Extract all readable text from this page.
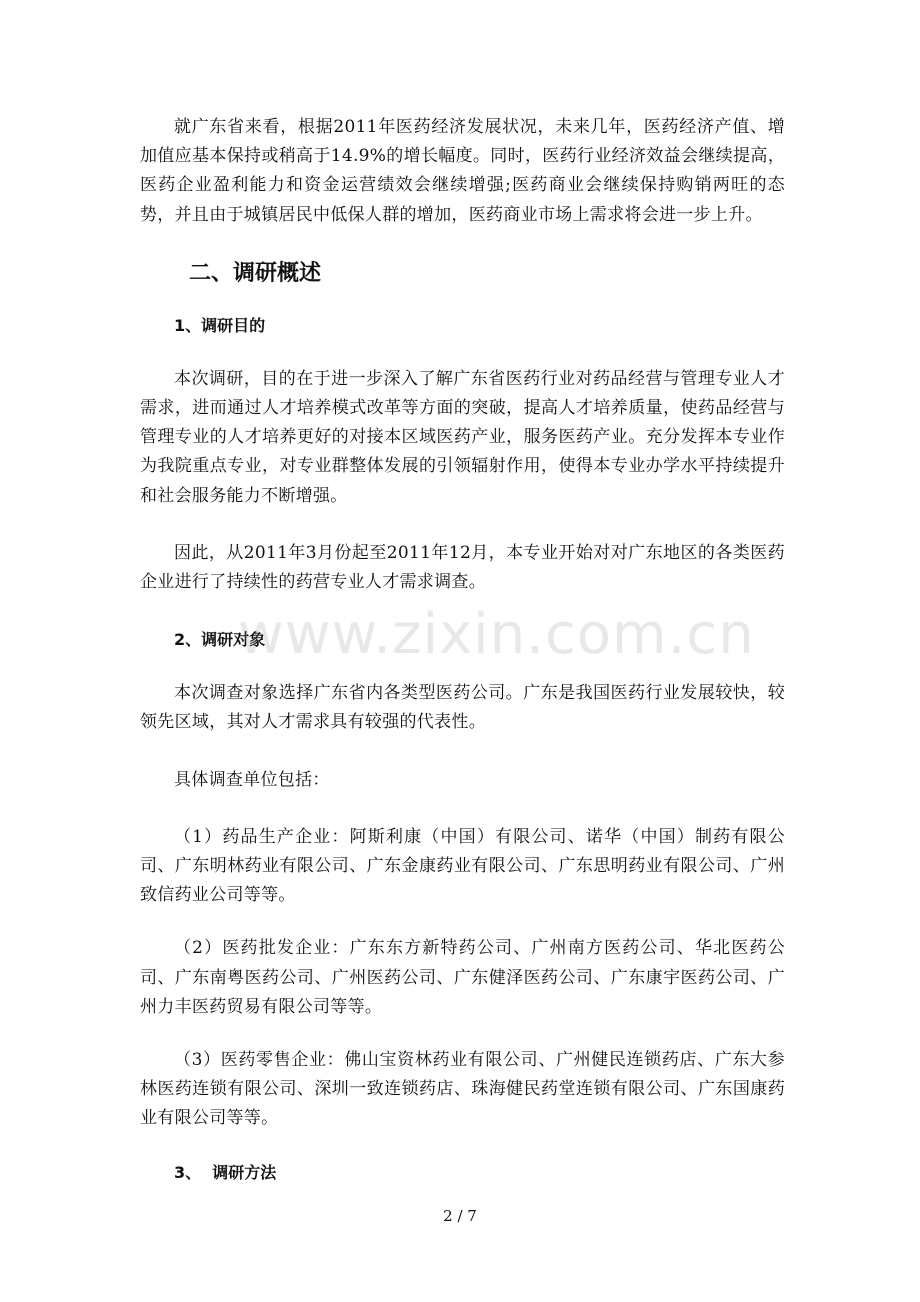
就广东省来看，根据2011年医药经济发展状况，未来几年，医药经济产值、增加值应基本保持或稍高于14.9%的增长幅度。同时，医药行业经济效益会继续提高，医药企业盈利能力和资金运营绩效会继续增强;医药商业会继续保持购销两旺的态势，并且由于城镇居民中低保人群的增加，医药商业市场上需求将会进一步上升。

二、调研概述
1、调研目的

本次调研，目的在于进一步深入了解广东省医药行业对药品经营与管理专业人才需求，进而通过人才培养模式改革等方面的突破，提高人才培养质量，使药品经营与管理专业的人才培养更好的对接本区域医药产业，服务医药产业。充分发挥本专业作为我院重点专业，对专业群整体发展的引领辐射作用，使得本专业办学水平持续提升和社会服务能力不断增强。

因此，从2011年3月份起至2011年12月，本专业开始对对广东地区的各类医药企业进行了持续性的药营专业人才需求调查。

2、调研对象

本次调查对象选择广东省内各类型医药公司。广东是我国医药行业发展较快，较领先区域，其对人才需求具有较强的代表性。

具体调查单位包括：

（1）药品生产企业：阿斯利康（中国）有限公司、诺华（中国）制药有限公司、广东明林药业有限公司、广东金康药业有限公司、广东思明药业有限公司、广州致信药业公司等等。

（2）医药批发企业：广东东方新特药公司、广州南方医药公司、华北医药公司、广东南粤医药公司、广州医药公司、广东健泽医药公司、广东康宇医药公司、广州力丰医药贸易有限公司等等。

（3）医药零售企业：佛山宝资林药业有限公司、广州健民连锁药店、广东大参林医药连锁有限公司、深圳一致连锁药店、珠海健民药堂连锁有限公司、广东国康药业有限公司等等。

3、  调研方法
www.zixin.com.cn
2 / 7
